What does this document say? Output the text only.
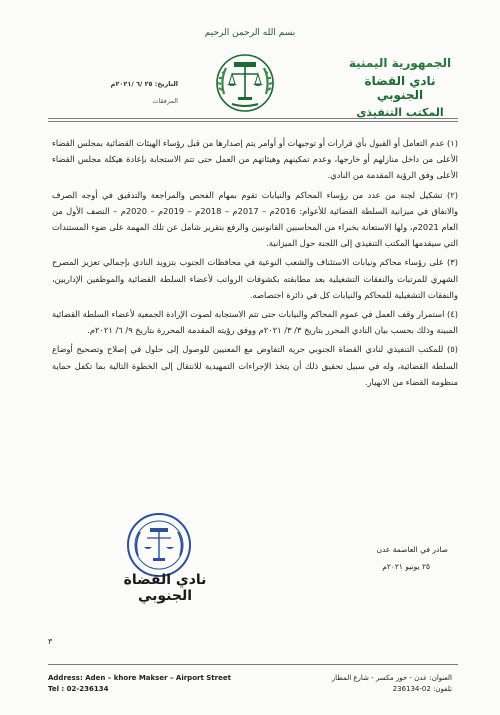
بسم الله الرحمن الرحيم
الجمهورية اليمنية
نادي القضاة الجنوبي
المكتب التنفيذي
التاريخ: ٢٥ /٦ /٢٠٢١م
المرفقات

(١) عدم التعامل أو القبول بأي قرارات أو توجيهات أو أوامر يتم إصدارها من قبل رؤساء الهيئات القضائية بمجلس القضاء الأعلى من داخل منازلهم أو خارجها، وعدم تمكينهم وهيئاتهم من العمل حتى تتم الاستجابة بإعادة هيكلة مجلس القضاء الأعلى وفق الرؤية المقدمة من النادي.

(٢) تشكيل لجنة من عدد من رؤساء المحاكم والنيابات تقوم بمهام الفحص والمراجعة والتدقيق في أوجه الصرف والانفاق في ميزانية السلطة القضائية للأعوام: 2016م – 2017م – 2018م – 2019م – 2020م – النصف الأول من العام 2021م، ولها الاستعانة بخبراء من المحاسبين القانونيين والرفع بتقرير شامل عن تلك المهمة على ضوء المستندات التي سيقدمها المكتب التنفيذي إلى اللجنة حول الميزانية.

(٣) على رؤساء محاكم ونيابات الاستئناف والشعب النوعية في محافظات الجنوب بتزويد النادي بإجمالي تعزيز المصرح الشهري للمرتبات والنفقات التشغيلية بعد مطابقته بكشوفات الرواتب لأعضاء السلطة القضائية والموظفين الإداريين، والنفقات التشغيلية للمحاكم والنيابات كل في دائرة اختصاصه.

(٤) استمرار وقف العمل في عموم المحاكم والنيابات حتى تتم الاستجابة لصوت الإرادة الجمعية لأعضاء السلطة القضائية المبينة وذلك بحسب بيان النادي المحرر بتاريخ ٣/ ٣/ ٢٠٢١م ووفق رؤيته المقدمة المحررة بتاريخ ٩/ ٦/ ٢٠٢١م.

(٥) للمكتب التنفيذي لنادي القضاة الجنوبي حرية التفاوض مع المعنيين للوصول إلى حلول في إصلاح وتصحيح أوضاع السلطة القضائية، وله في سبيل تحقيق ذلك أن يتخذ الإجراءات التمهيدية للانتقال إلى الخطوة التالية بما تكفل حماية منظومة القضاء من الانهيار.

صادر في العاصمة عدن
٢٥ يونيو ٢٠٢١م
نادي القضاة الجنوبي
٣
Address: Aden – khore Makser – Airport Street
Tel : 02-236134
العنوان: عدن - خور مكسر - شارع المطار
تلفون: 02-236134
